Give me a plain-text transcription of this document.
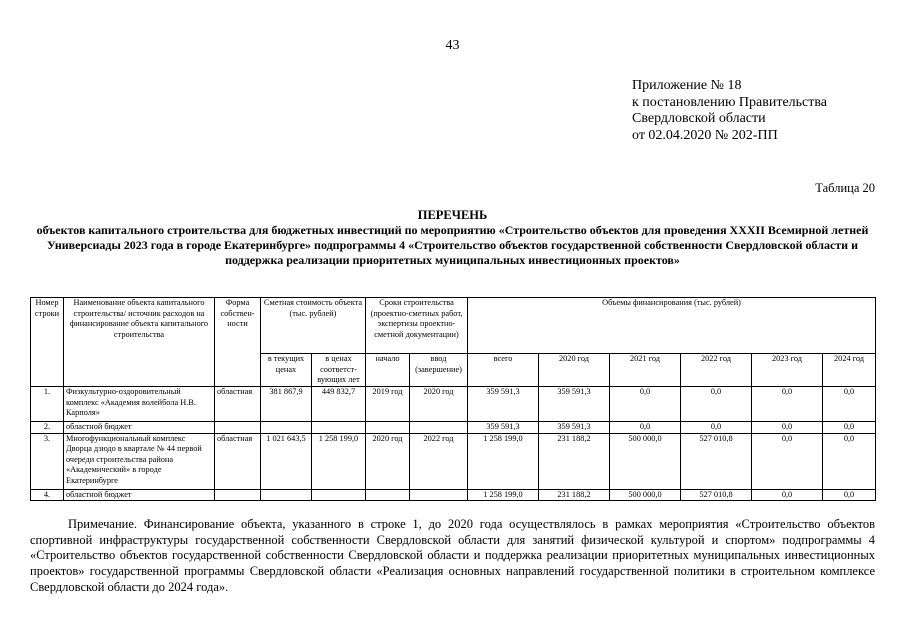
43
Приложение № 18
к постановлению Правительства
Свердловской области
от 02.04.2020 № 202-ПП
Таблица 20
ПЕРЕЧЕНЬ
объектов капитального строительства для бюджетных инвестиций по мероприятию «Строительство объектов для проведения XXXII Всемирной летней Универсиады 2023 года в городе Екатеринбурге» подпрограммы 4 «Строительство объектов государственной собственности Свердловской области и поддержка реализации приоритетных муниципальных инвестиционных проектов»
Номер строки	Наименование объекта капитального строительства/ источник расходов на финансирование объекта капитального строительства	Форма собствен-ности	Сметная стоимость объекта (тыс. рублей)		Сроки строительства (проектно-сметных работ, экспертизы проектно-сметной документации)		Объемы финансирования (тыс. рублей)					
			в текущих ценах	в ценах соответст-вующих лет	начало	ввод (завершение)	всего	2020 год	2021 год	2022 год	2023 год	2024 год
1.	Физкультурно-оздоровительный комплекс «Академия волейбола Н.В. Карполя»	областная	381 867,9	449 832,7	2019 год	2020 год	359 591,3	359 591,3	0,0	0,0	0,0	0,0
2.	областной бюджет						359 591,3	359 591,3	0,0	0,0	0,0	0,0
3.	Многофункциональный комплекс Дворца дзюдо в квартале № 44 первой очереди строительства района «Академический» в городе Екатеринбурге	областная	1 021 643,5	1 258 199,0	2020 год	2022 год	1 258 199,0	231 188,2	500 000,0	527 010,8	0,0	0,0
4.	областной бюджет						1 258 199,0	231 188,2	500 000,0	527 010,8	0,0	0,0
Примечание. Финансирование объекта, указанного в строке 1, до 2020 года осуществлялось в рамках мероприятия «Строительство объектов спортивной инфраструктуры государственной собственности Свердловской области для занятий физической культурой и спортом» подпрограммы 4 «Строительство объектов государственной собственности Свердловской области и поддержка реализации приоритетных муниципальных инвестиционных проектов» государственной программы Свердловской области «Реализация основных направлений государственной политики в строительном комплексе Свердловской области до 2024 года».
